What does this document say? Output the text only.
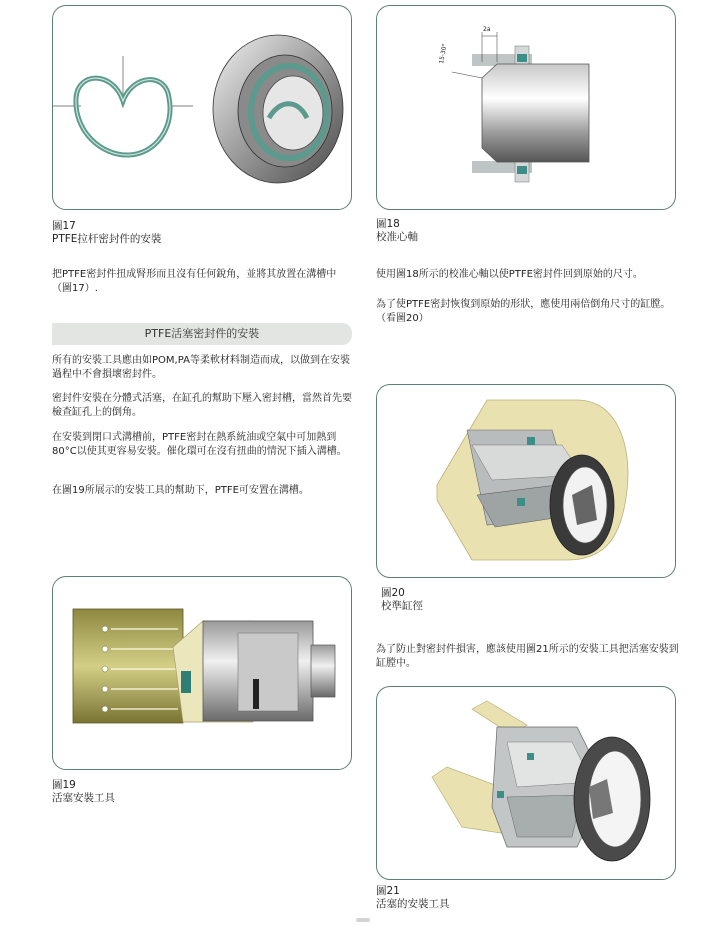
圖17
PTFE拉杆密封件的安裝
2a
15-30°
圖18
校准心軸

把PTFE密封件扭成腎形而且沒有任何銳角，並將其放置在溝槽中（圖17）.

PTFE活塞密封件的安裝

所有的安裝工具應由如POM,PA等柔軟材料制造而成，以做到在安裝過程中不會損壞密封件。

密封件安裝在分體式活塞，在缸孔的幫助下壓入密封槽，當然首先要檢查缸孔上的倒角。

在安裝到閉口式溝槽前，PTFE密封在熱系統油或空氣中可加熱到80°C以使其更容易安裝。催化環可在沒有扭曲的情況下插入溝槽。

在圖19所展示的安裝工具的幫助下，PTFE可安置在溝槽。

使用圖18所示的校准心軸以使PTFE密封件回到原始的尺寸。

為了使PTFE密封恢復到原始的形狀，應使用兩倍倒角尺寸的缸膛。（看圖20）

圖20
校準缸徑

為了防止對密封件損害，應該使用圖21所示的安裝工具把活塞安裝到缸膛中。

圖19
活塞安裝工具
圖21
活塞的安裝工具
